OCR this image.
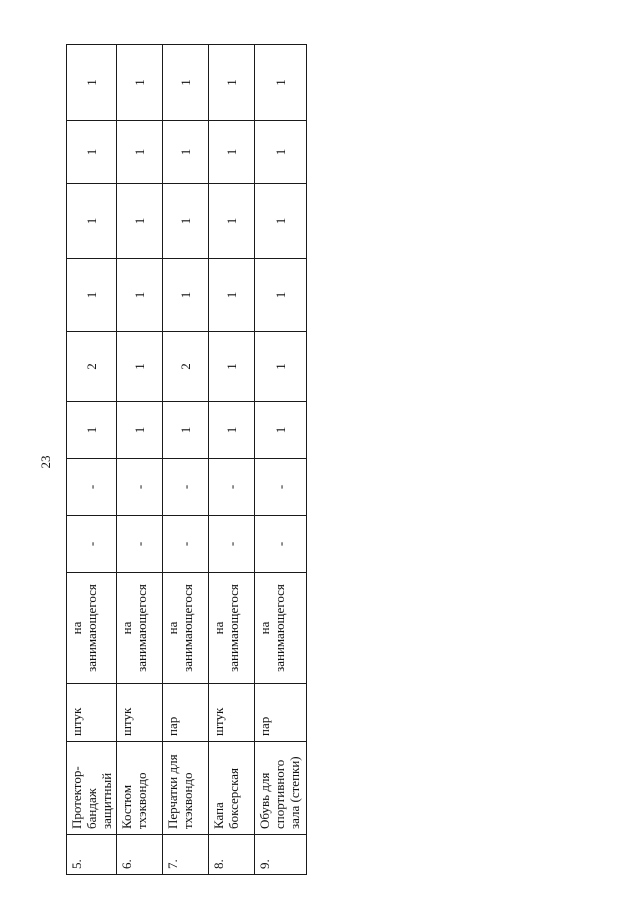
23
5.	Протектор-бандаж защитный	штук	на занимающегося	-	-	1	2	1	1	1	1
6.	Костюм тхэквондо	штук	на занимающегося	-	-	1	1	1	1	1	1
7.	Перчатки для тхэквондо	пар	на занимающегося	-	-	1	2	1	1	1	1
8.	Капа боксерская	штук	на занимающегося	-	-	1	1	1	1	1	1
9.	Обувь для спортивного зала (степки)	пар	на занимающегося	-	-	1	1	1	1	1	1
